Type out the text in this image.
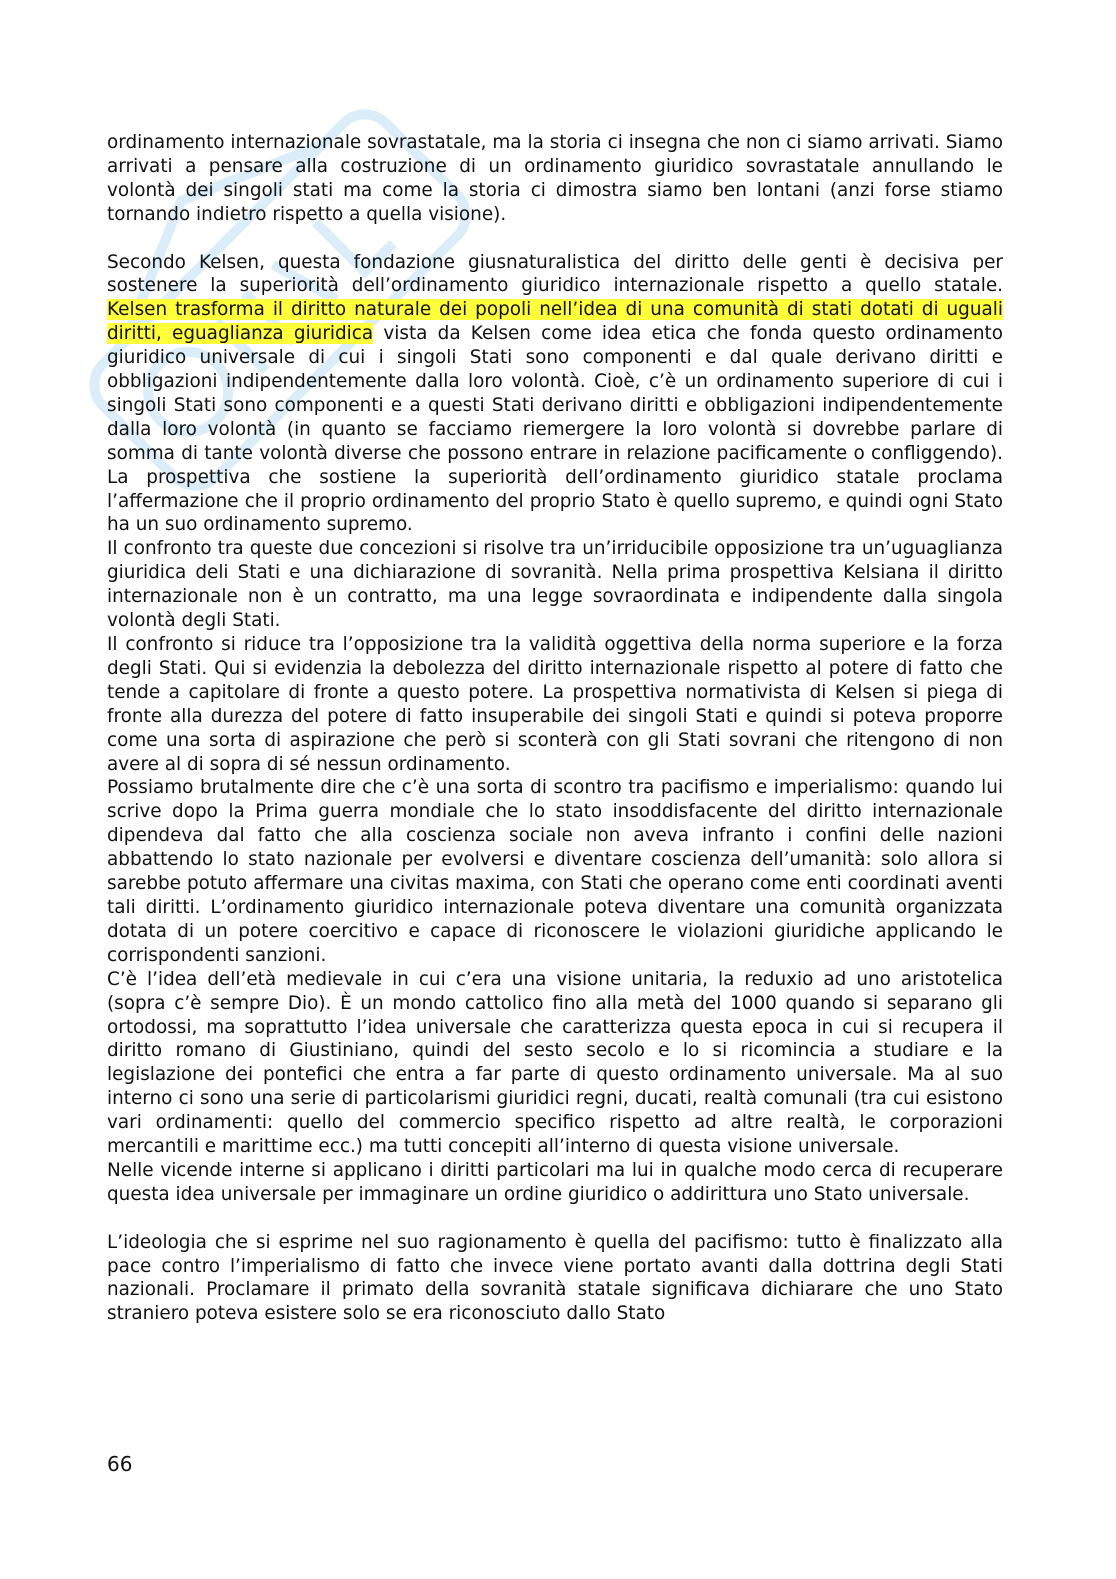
ordinamento internazionale sovrastatale, ma la storia ci insegna che non ci siamo arrivati. Siamo arrivati a pensare alla costruzione di un ordinamento giuridico sovrastatale annullando le volontà dei singoli stati ma come la storia ci dimostra siamo ben lontani (anzi forse stiamo tornando indietro rispetto a quella visione).

Secondo Kelsen, questa fondazione giusnaturalistica del diritto delle genti è decisiva per sostenere la superiorità dell’ordinamento giuridico internazionale rispetto a quello statale. Kelsen trasforma il diritto naturale dei popoli nell’idea di una comunità di stati dotati di uguali diritti, eguaglianza giuridica vista da Kelsen come idea etica che fonda questo ordinamento giuridico universale di cui i singoli Stati sono componenti e dal quale derivano diritti e obbligazioni indipendentemente dalla loro volontà. Cioè, c’è un ordinamento superiore di cui i singoli Stati sono componenti e a questi Stati derivano diritti e obbligazioni indipendentemente dalla loro volontà (in quanto se facciamo riemergere la loro volontà si dovrebbe parlare di somma di tante volontà diverse che possono entrare in relazione pacificamente o confliggendo). La prospettiva che sostiene la superiorità dell’ordinamento giuridico statale proclama l’affermazione che il proprio ordinamento del proprio Stato è quello supremo, e quindi ogni Stato ha un suo ordinamento supremo.

Il confronto tra queste due concezioni si risolve tra un’irriducibile opposizione tra un’uguaglianza giuridica deli Stati e una dichiarazione di sovranità. Nella prima prospettiva Kelsiana il diritto internazionale non è un contratto, ma una legge sovraordinata e indipendente dalla singola volontà degli Stati.

Il confronto si riduce tra l’opposizione tra la validità oggettiva della norma superiore e la forza degli Stati. Qui si evidenzia la debolezza del diritto internazionale rispetto al potere di fatto che tende a capitolare di fronte a questo potere. La prospettiva normativista di Kelsen si piega di fronte alla durezza del potere di fatto insuperabile dei singoli Stati e quindi si poteva proporre come una sorta di aspirazione che però si sconterà con gli Stati sovrani che ritengono di non avere al di sopra di sé nessun ordinamento.

Possiamo brutalmente dire che c’è una sorta di scontro tra pacifismo e imperialismo: quando lui scrive dopo la Prima guerra mondiale che lo stato insoddisfacente del diritto internazionale dipendeva dal fatto che alla coscienza sociale non aveva infranto i confini delle nazioni abbattendo lo stato nazionale per evolversi e diventare coscienza dell’umanità: solo allora si sarebbe potuto affermare una civitas maxima, con Stati che operano come enti coordinati aventi tali diritti. L’ordinamento giuridico internazionale poteva diventare una comunità organizzata dotata di un potere coercitivo e capace di riconoscere le violazioni giuridiche applicando le corrispondenti sanzioni.

C’è l’idea dell’età medievale in cui c’era una visione unitaria, la reduxio ad uno aristotelica (sopra c’è sempre Dio). È un mondo cattolico fino alla metà del 1000 quando si separano gli ortodossi, ma soprattutto l’idea universale che caratterizza questa epoca in cui si recupera il diritto romano di Giustiniano, quindi del sesto secolo e lo si ricomincia a studiare e la legislazione dei pontefici che entra a far parte di questo ordinamento universale. Ma al suo interno ci sono una serie di particolarismi giuridici regni, ducati, realtà comunali (tra cui esistono vari ordinamenti: quello del commercio specifico rispetto ad altre realtà, le corporazioni mercantili e marittime ecc.) ma tutti concepiti all’interno di questa visione universale.

Nelle vicende interne si applicano i diritti particolari ma lui in qualche modo cerca di recuperare questa idea universale per immaginare un ordine giuridico o addirittura uno Stato universale.

L’ideologia che si esprime nel suo ragionamento è quella del pacifismo: tutto è finalizzato alla pace contro l’imperialismo di fatto che invece viene portato avanti dalla dottrina degli Stati nazionali. Proclamare il primato della sovranità statale significava dichiarare che uno Stato straniero poteva esistere solo se era riconosciuto dallo Stato

66
